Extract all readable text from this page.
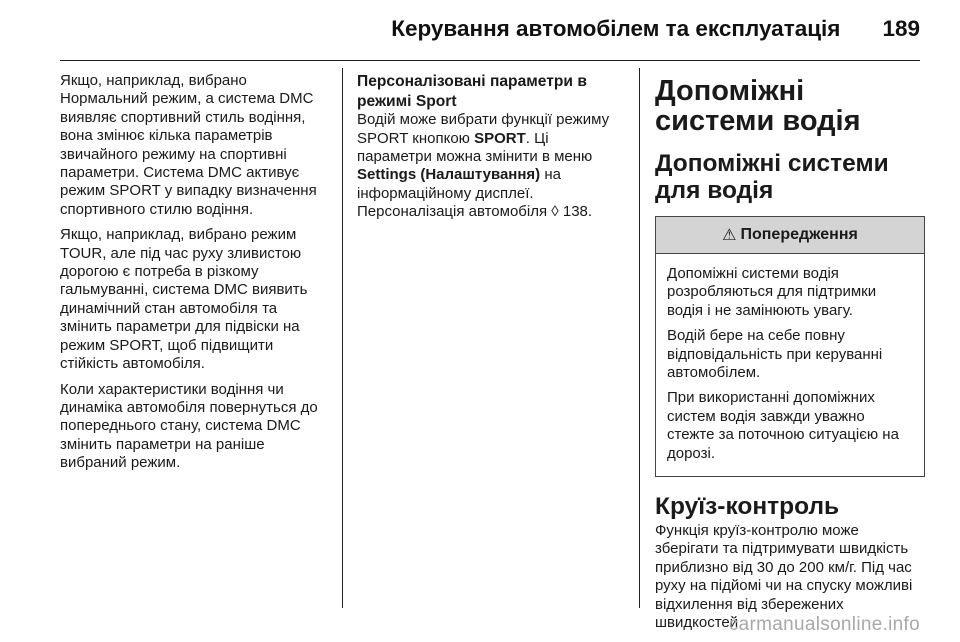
Керування автомобілем та експлуатація 189

Якщо, наприклад, вибрано Нормальний режим, а система DMC виявляє спортивний стиль водіння, вона змінює кілька параметрів звичайного режиму на спортивні параметри. Система DMC активує режим SPORT у випадку визначення спортивного стилю водіння.

Якщо, наприклад, вибрано режим TOUR, але під час руху зливистою дорогою є потреба в різкому гальмуванні, система DMC виявить динамічний стан автомобіля та змінить параметри для підвіски на режим SPORT, щоб підвищити стійкість автомобіля.

Коли характеристики водіння чи динаміка автомобіля повернуться до попереднього стану, система DMC змінить параметри на раніше вибраний режим.

Персоналізовані параметри в режимі Sport

Водій може вибрати функції режиму SPORT кнопкою SPORT. Ці параметри можна змінити в меню Settings (Налаштування) на інформаційному дисплеї.
Персоналізація автомобіля ◊ 138.

Допоміжні системи водія
Допоміжні системи для водія
⚠ Попередження

Допоміжні системи водія розробляються для підтримки водія і не замінюють увагу.

Водій бере на себе повну відповідальність при керуванні автомобілем.

При використанні допоміжних систем водія завжди уважно стежте за поточною ситуацією на дорозі.

Круїз-контроль

Функція круїз-контролю може зберігати та підтримувати швидкість приблизно від 30 до 200 км/г. Під час руху на підйомі чи на спуску можливі відхилення від збережених швидкостей.

carmanualsonline.info
